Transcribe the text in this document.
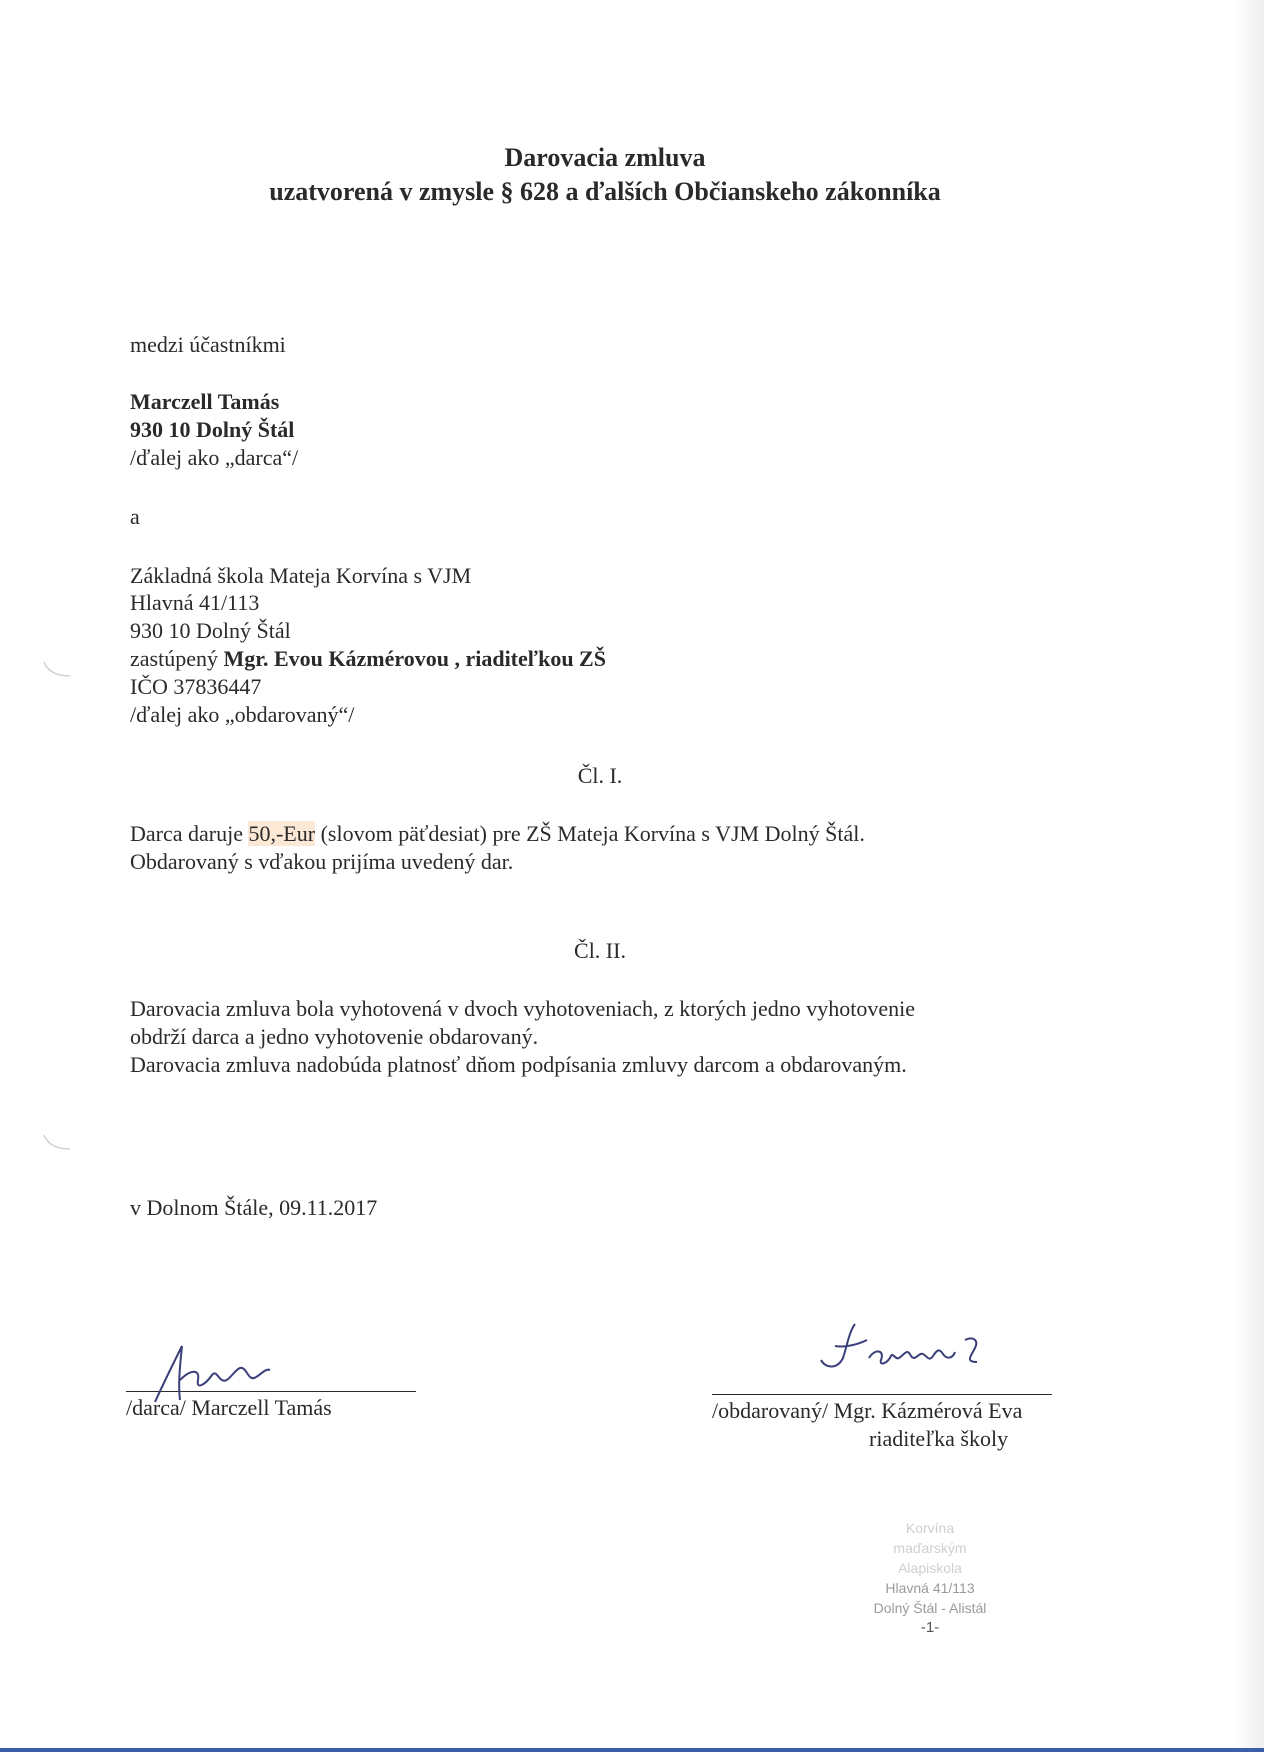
Darovacia zmluva
uzatvorená v zmysle § 628 a ďalších Občianskeho zákonníka
medzi účastníkmi
Marczell Tamás
930 10 Dolný Štál
/ďalej ako „darca“/
a
Základná škola Mateja Korvína s VJM
Hlavná 41/113
930 10 Dolný Štál
zastúpený Mgr. Evou Kázmérovou , riaditeľkou ZŠ
IČO 37836447
/ďalej ako „obdarovaný“/
Čl. I.
Darca daruje 50,-Eur (slovom päťdesiat) pre ZŠ Mateja Korvína s VJM Dolný Štál.
Obdarovaný s vďakou prijíma uvedený dar.
Čl. II.
Darovacia zmluva bola vyhotovená v dvoch vyhotoveniach, z ktorých jedno vyhotovenie
obdrží darca a jedno vyhotovenie obdarovaný.
Darovacia zmluva nadobúda platnosť dňom podpísania zmluvy darcom a obdarovaným.
v Dolnom Štále, 09.11.2017
/darca/ Marczell Tamás	/obdarovaný/ Mgr. Kázmérová Eva
riaditeľka školy
Korvína
maďarským
Alapiskola
Hlavná 41/113
Dolný Štál - Alistál
-1-
